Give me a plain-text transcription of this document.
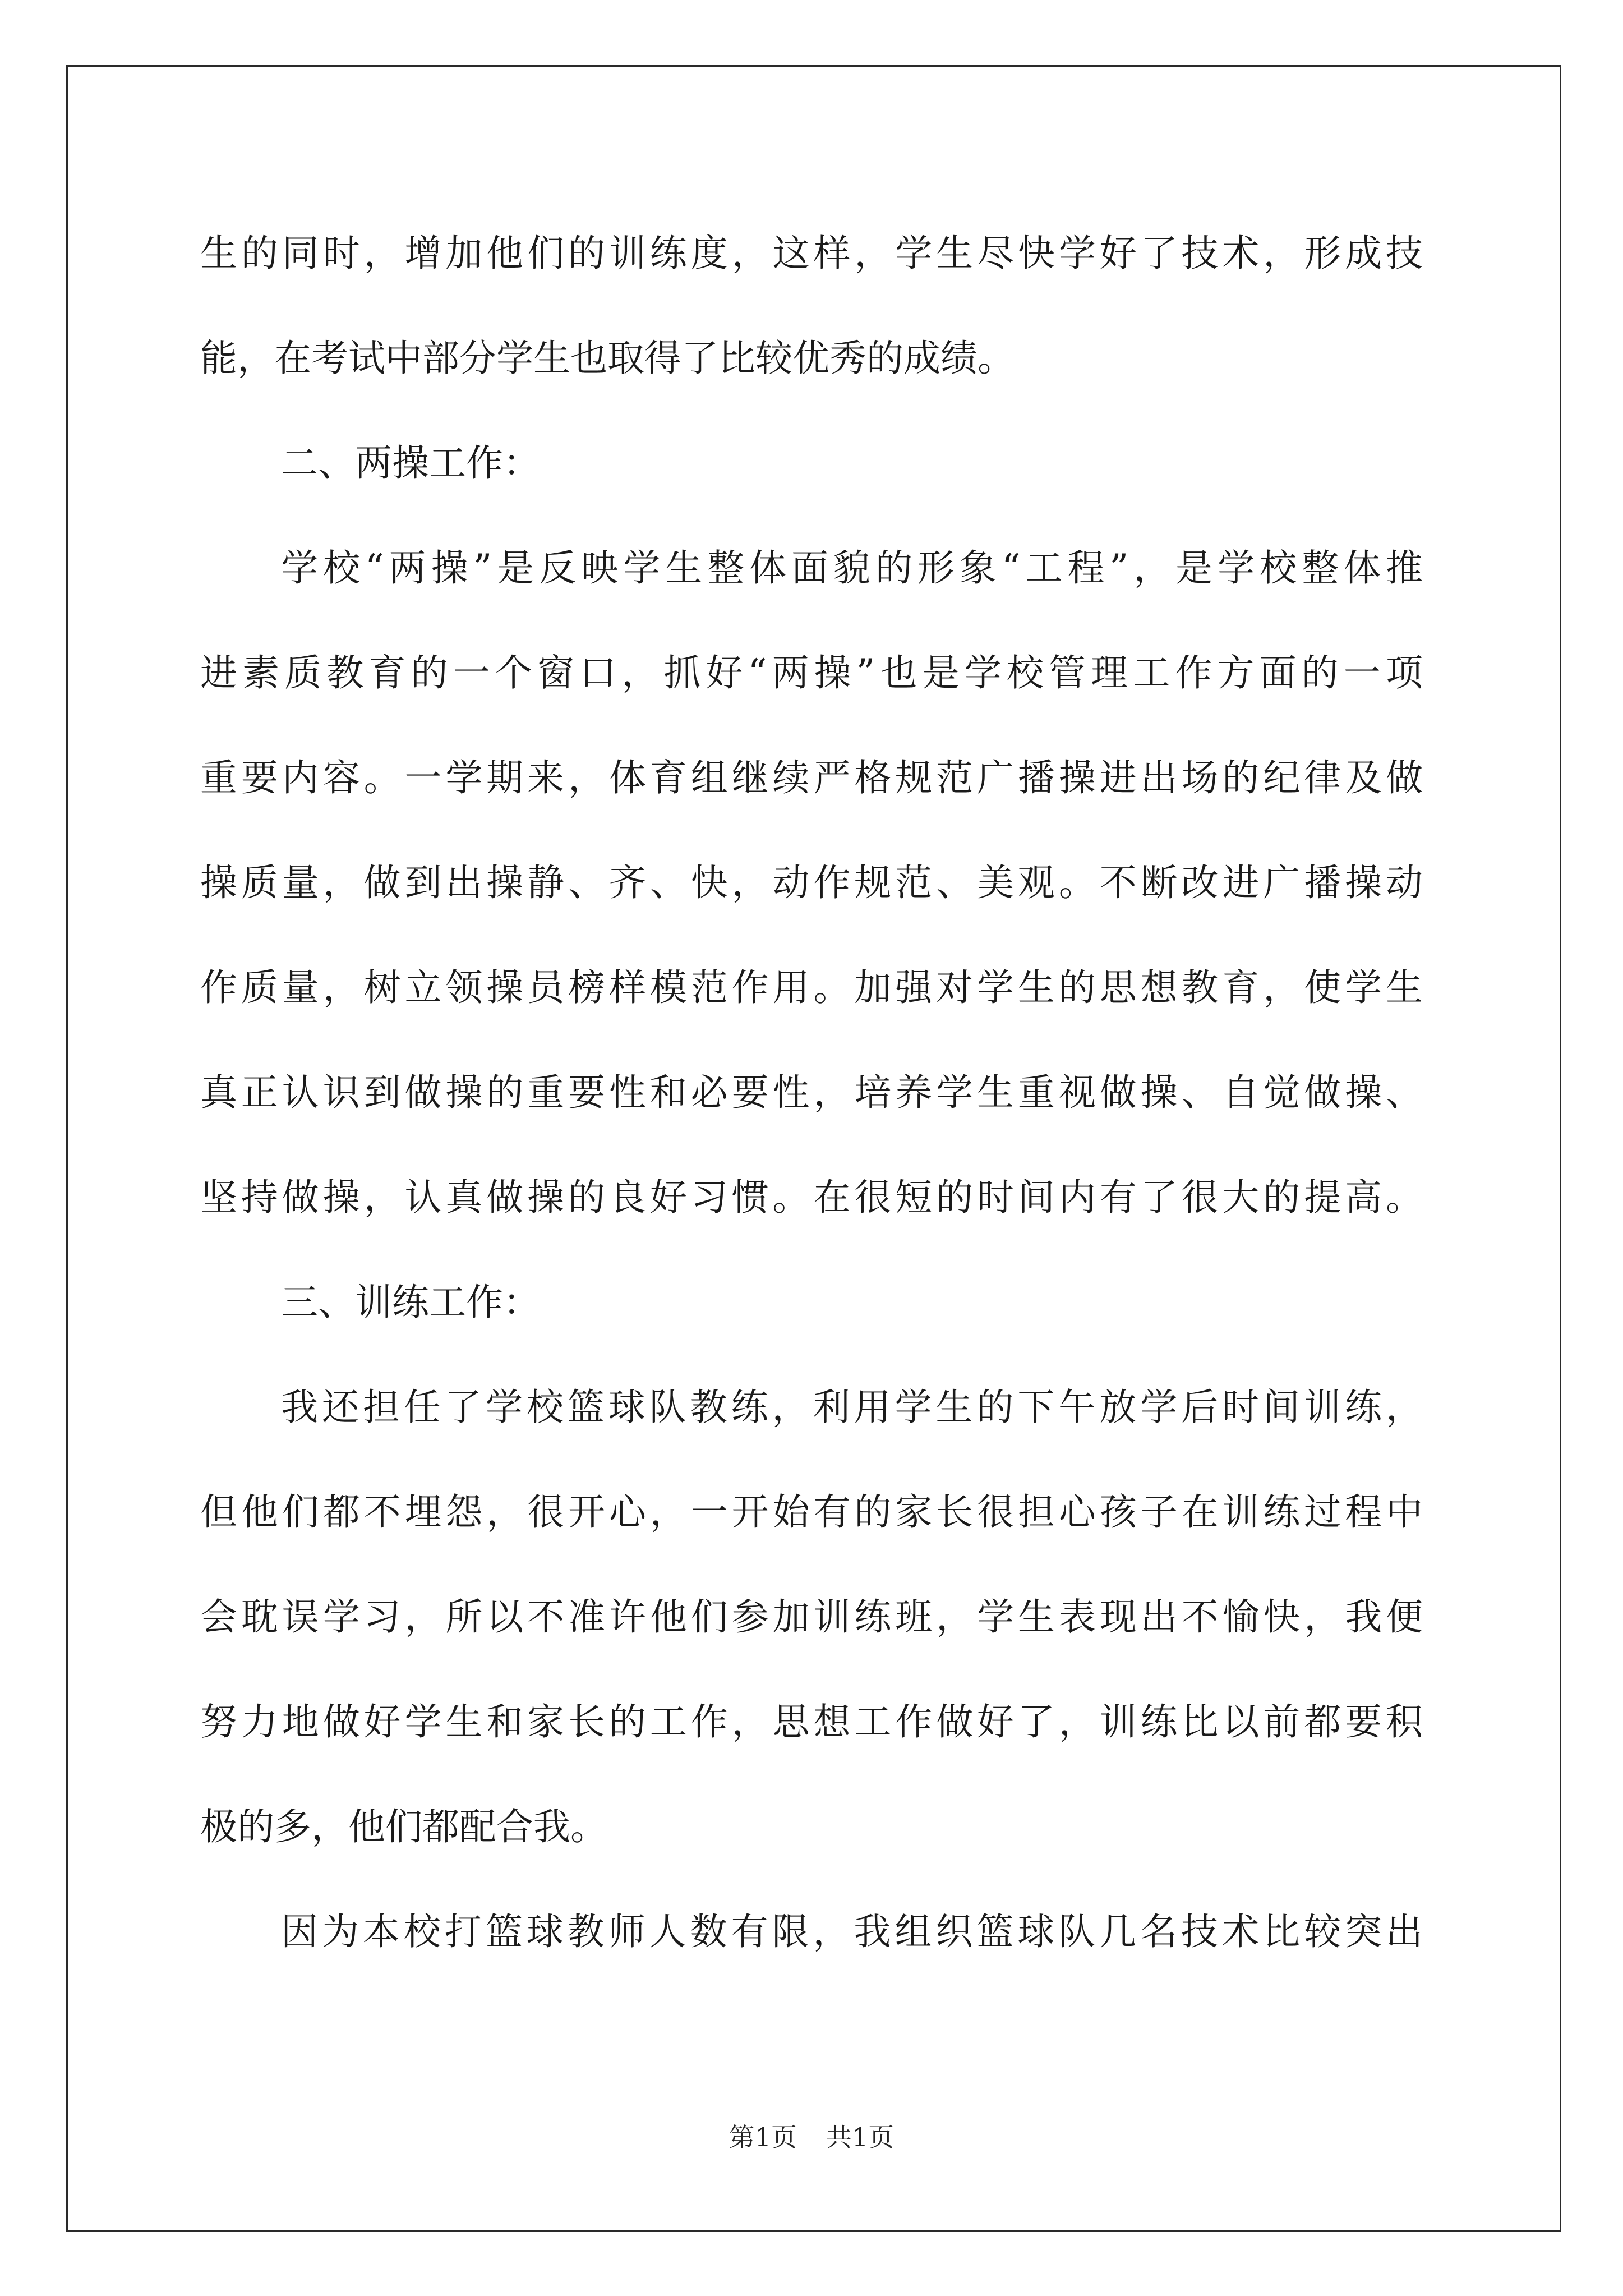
生的同时，增加他们的训练度，这样，学生尽快学好了技术，形成技
能，在考试中部分学生也取得了比较优秀的成绩。
二、两操工作：
学校“两操”是反映学生整体面貌的形象“工程”，是学校整体推
进素质教育的一个窗口，抓好“两操”也是学校管理工作方面的一项
重要内容。一学期来，体育组继续严格规范广播操进出场的纪律及做
操质量，做到出操静、齐、快，动作规范、美观。不断改进广播操动
作质量，树立领操员榜样模范作用。加强对学生的思想教育，使学生
真正认识到做操的重要性和必要性，培养学生重视做操、自觉做操、
坚持做操，认真做操的良好习惯。在很短的时间内有了很大的提高。
三、训练工作：
我还担任了学校篮球队教练，利用学生的下午放学后时间训练，
但他们都不埋怨，很开心，一开始有的家长很担心孩子在训练过程中
会耽误学习，所以不准许他们参加训练班，学生表现出不愉快，我便
努力地做好学生和家长的工作，思想工作做好了，训练比以前都要积
极的多，他们都配合我。
因为本校打篮球教师人数有限，我组织篮球队几名技术比较突出
第1页 共1页
